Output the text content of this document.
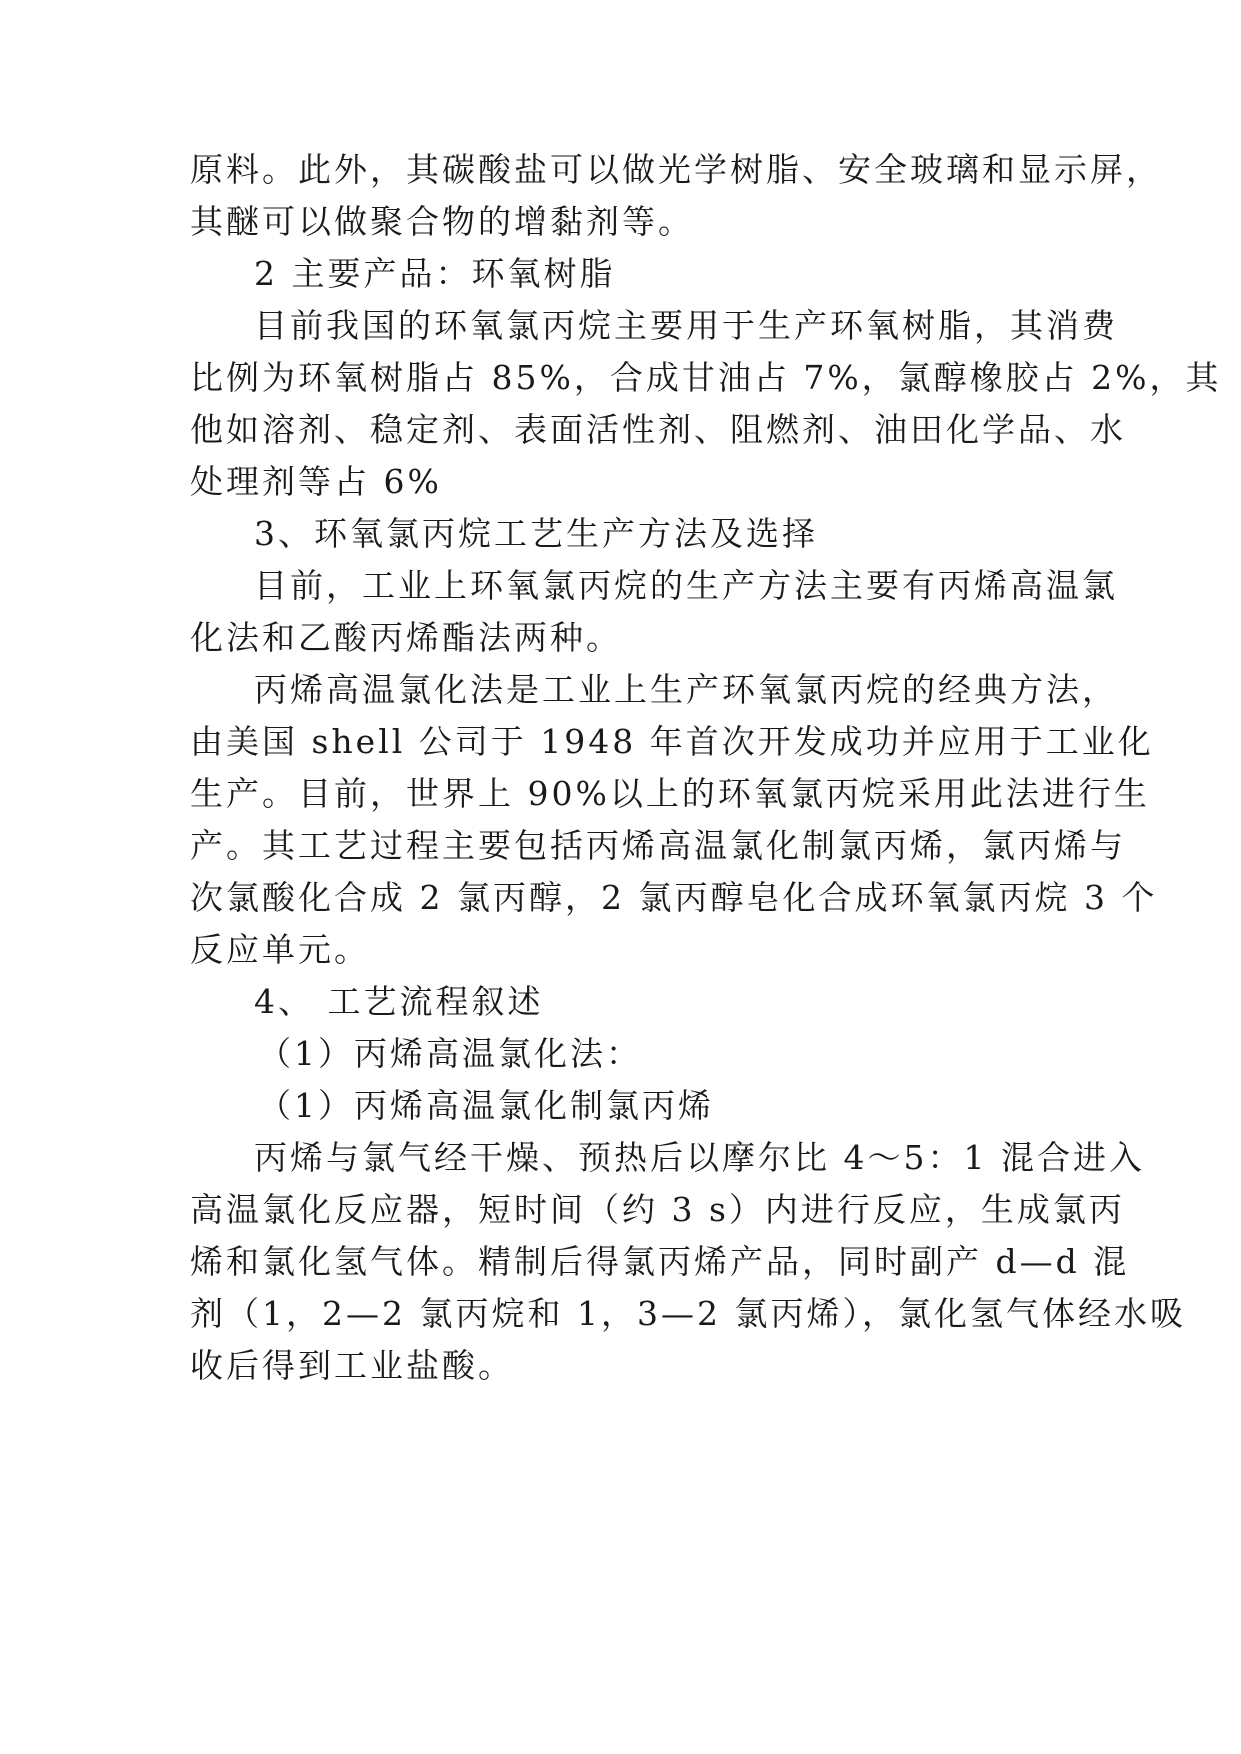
原料。此外，其碳酸盐可以做光学树脂、安全玻璃和显示屏，
其醚可以做聚合物的增黏剂等。
2 主要产品：环氧树脂
目前我国的环氧氯丙烷主要用于生产环氧树脂，其消费
比例为环氧树脂占 85%，合成甘油占 7%，氯醇橡胶占 2%，其
他如溶剂、稳定剂、表面活性剂、阻燃剂、油田化学品、水
处理剂等占 6%
3、环氧氯丙烷工艺生产方法及选择
目前，工业上环氧氯丙烷的生产方法主要有丙烯高温氯
化法和乙酸丙烯酯法两种。
丙烯高温氯化法是工业上生产环氧氯丙烷的经典方法，
由美国 shell 公司于 1948 年首次开发成功并应用于工业化
生产。目前，世界上 90%以上的环氧氯丙烷采用此法进行生
产。其工艺过程主要包括丙烯高温氯化制氯丙烯，氯丙烯与
次氯酸化合成 2 氯丙醇，2 氯丙醇皂化合成环氧氯丙烷 3 个
反应单元。
4、 工艺流程叙述
（1）丙烯高温氯化法：
（1）丙烯高温氯化制氯丙烯
丙烯与氯气经干燥、预热后以摩尔比 4～5：1 混合进入
高温氯化反应器，短时间（约 3 s）内进行反应，生成氯丙
烯和氯化氢气体。精制后得氯丙烯产品，同时副产 d—d 混
剂（1，2—2 氯丙烷和 1，3—2 氯丙烯），氯化氢气体经水吸
收后得到工业盐酸。
